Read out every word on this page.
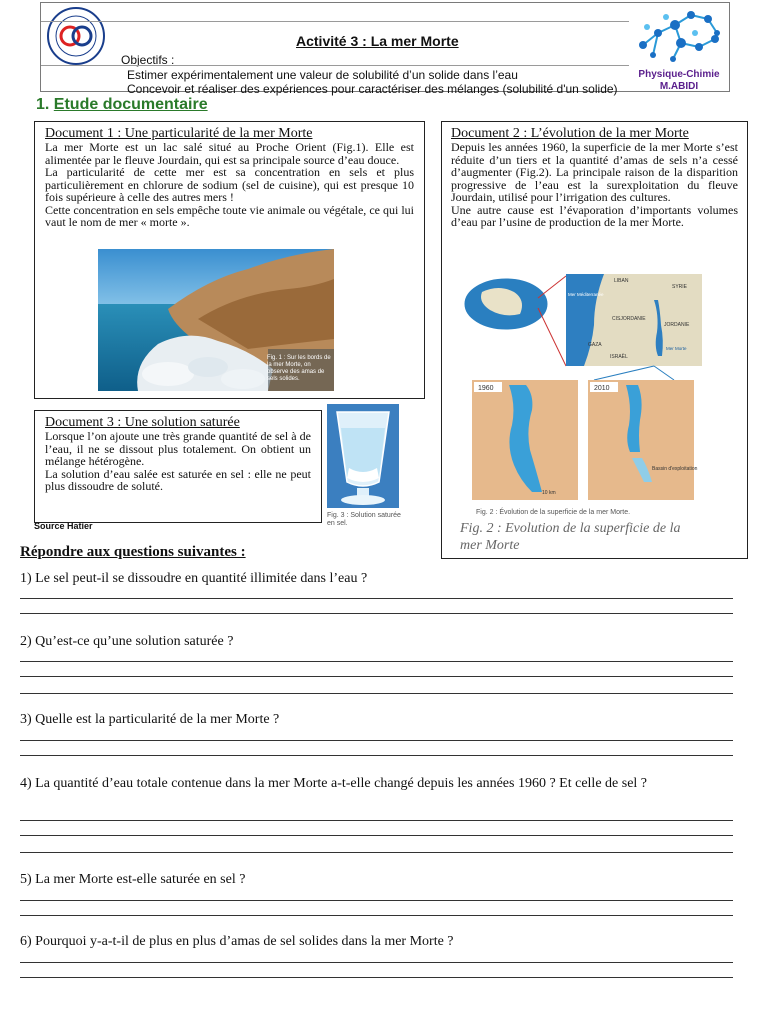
Activité 3 : La mer Morte
Objectifs :
Estimer expérimentalement une valeur de solubilité d’un solide dans l’eau
Concevoir et réaliser des expériences pour caractériser des mélanges (solubilité d'un solide)
Physique-Chimie
M.ABIDI
1. Etude documentaire
Document 1 : Une particularité de la mer Morte

La mer Morte est un lac salé situé au Proche Orient (Fig.1). Elle est alimentée par le fleuve Jourdain, qui est sa principale source d’eau douce.

La particularité de cette mer est sa concentration en sels et plus particulièrement en chlorure de sodium (sel de cuisine), qui est presque 10 fois supérieure à celle des autres mers !

Cette concentration en sels empêche toute vie animale ou végétale, ce qui lui vaut le nom de mer « morte ».

Fig. 1 : Sur les bords de la mer Morte, on observe des amas de sels solides.
Document 2 : L’évolution de la mer Morte

Depuis les années 1960, la superficie de la mer Morte s’est réduite d’un tiers et la quantité d’amas de sels n’a cessé d’augmenter (Fig.2). La principale raison de la disparition progressive de l’eau est la surexploitation du fleuve Jourdain, utilisé pour l’irrigation des cultures.

Une autre cause est l’évaporation d’importants volumes d’eau par l’usine de production de la mer Morte.

LIBAN
SYRIE
Mer Méditerranée
CISJORDANIE
JORDANIE
GAZA
ISRAËL
Mer Morte
1960
10 km
2010
Bassin d'exploitation
Fig. 2 : Évolution de la superficie de la mer Morte.
Fig. 2 : Evolution de la superficie de la mer Morte
Document 3 : Une solution saturée

Lorsque l’on ajoute une très grande quantité de sel à de l’eau, il ne se dissout plus totalement. On obtient un mélange hétérogène.

La solution d’eau salée est saturée en sel : elle ne peut plus dissoudre de soluté.

Fig. 3 : Solution saturée en sel.
Source Hatier
Répondre aux questions suivantes :
1) Le sel peut-il se dissoudre en quantité illimitée dans l’eau ?
2) Qu’est-ce qu’une solution saturée ?
3) Quelle est la particularité de la mer Morte ?
4) La quantité d’eau totale contenue dans la mer Morte a-t-elle changé depuis les années 1960 ? Et celle de sel ?
5) La mer Morte est-elle saturée en sel ?
6) Pourquoi y-a-t-il de plus en plus d’amas de sel solides dans la mer Morte ?
